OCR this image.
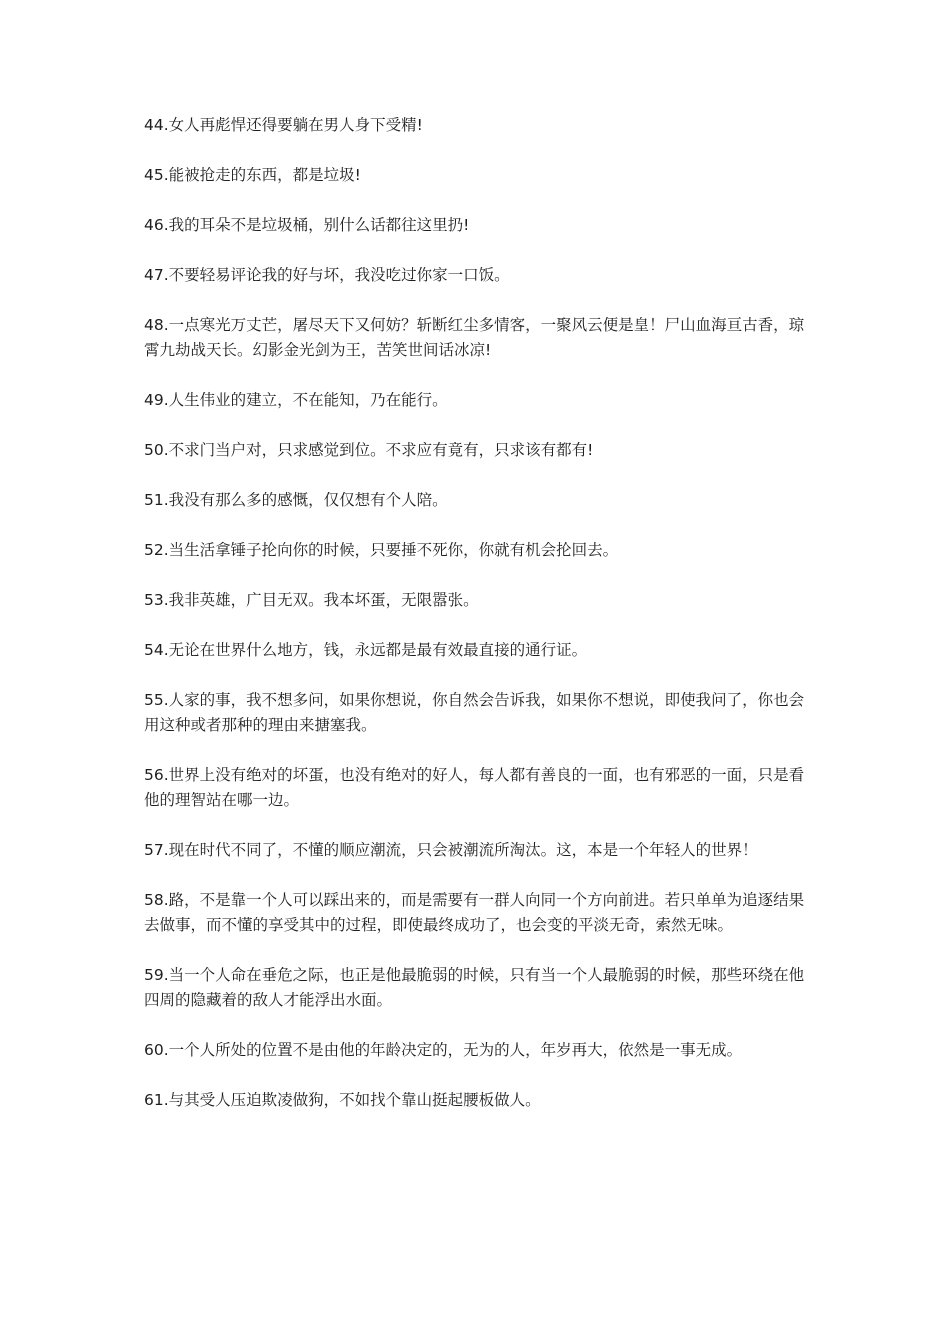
44.女人再彪悍还得要躺在男人身下受精!

45.能被抢走的东西，都是垃圾!

46.我的耳朵不是垃圾桶，别什么话都往这里扔!

47.不要轻易评论我的好与坏，我没吃过你家一口饭。

48.一点寒光万丈芒，屠尽天下又何妨？斩断红尘多情客，一聚风云便是皇！尸山血海亘古香，琼霄九劫战天长。幻影金光剑为王，苦笑世间话冰凉!

49.人生伟业的建立，不在能知，乃在能行。

50.不求门当户对，只求感觉到位。不求应有竟有，只求该有都有!

51.我没有那么多的感慨，仅仅想有个人陪。

52.当生活拿锤子抡向你的时候，只要捶不死你，你就有机会抡回去。

53.我非英雄，广目无双。我本坏蛋，无限嚣张。

54.无论在世界什么地方，钱，永远都是最有效最直接的通行证。

55.人家的事，我不想多问，如果你想说，你自然会告诉我，如果你不想说，即使我问了，你也会用这种或者那种的理由来搪塞我。

56.世界上没有绝对的坏蛋，也没有绝对的好人，每人都有善良的一面，也有邪恶的一面，只是看他的理智站在哪一边。

57.现在时代不同了，不懂的顺应潮流，只会被潮流所淘汰。这，本是一个年轻人的世界！

58.路，不是靠一个人可以踩出来的，而是需要有一群人向同一个方向前进。若只单单为追逐结果去做事，而不懂的享受其中的过程，即使最终成功了，也会变的平淡无奇，索然无味。

59.当一个人命在垂危之际，也正是他最脆弱的时候，只有当一个人最脆弱的时候，那些环绕在他四周的隐藏着的敌人才能浮出水面。

60.一个人所处的位置不是由他的年龄决定的，无为的人，年岁再大，依然是一事无成。

61.与其受人压迫欺凌做狗，不如找个靠山挺起腰板做人。
